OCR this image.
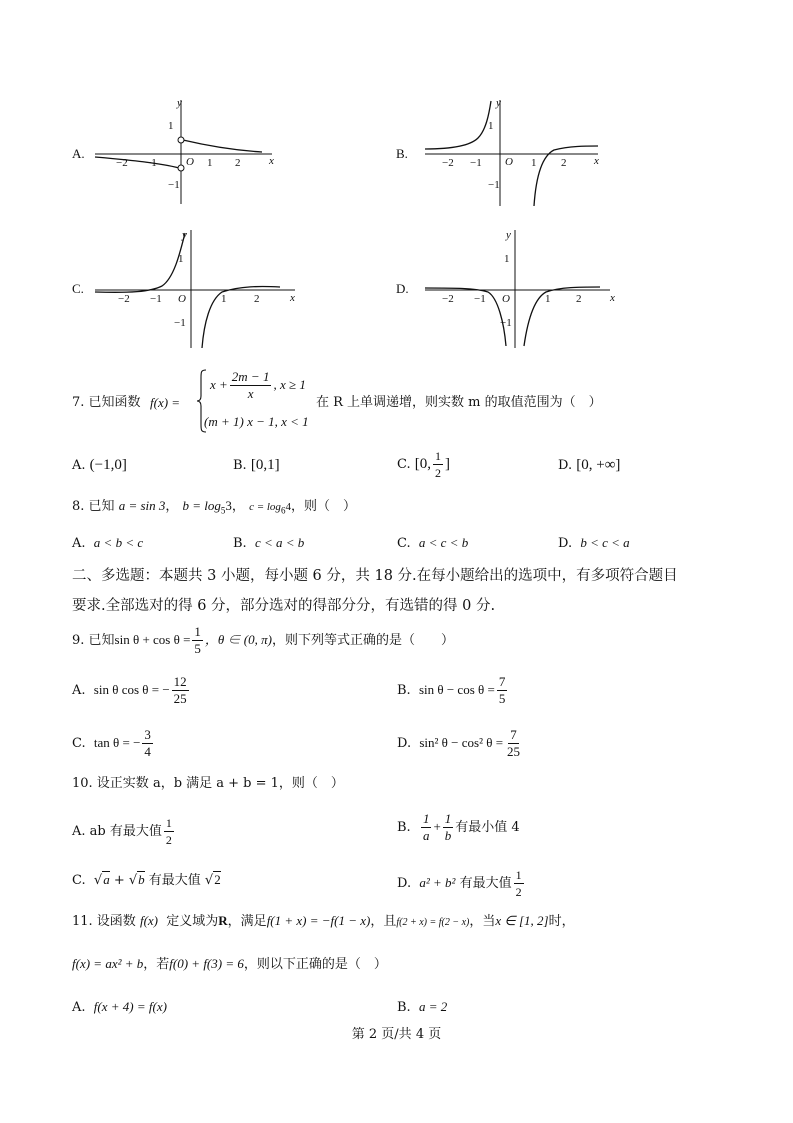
A.
y
x
1
−1
−2 −1	O 1 2
B.
y
x
1
−1
−2 −1 O 1 2
C.
y
x
1
−1
−2 −1 O	1	2
D.
y
x
1
−1
−2 −1 O	1 2
7. 已知函数 f(x) =
$x + \frac{2m - 1}{x}$ , x ≥ 1
(m + 1) x − 1, x < 1
在 R 上单调递增，则实数 m 的取值范围为（　）
A. (−1,0]	B. [0,1]	C. [0, $\frac{1}{2}$ ]	D. [0, +∞]
8. 已知 a = sin 3， $b = \log_53$， $c = \log_64$，则（　）
A. a < b < c	B. c < a < b	C. a < c < b	D. b < c < a
二、多选题：本题共 3 小题，每小题 6 分，共 18 分.在每小题给出的选项中，有多项符合题目
要求.全部选对的得 6 分，部分选对的得部分分，有选错的得 0 分.
9. 已知$\sin \theta + \cos \theta = \frac{1}{5}$ ，θ ∈ (0, π)，则下列等式正确的是（　　）
A. sin θ cos θ = − $\frac{12}{25}$	B. $\sin \theta - \cos \theta = \frac{7}{5}$
C. tan θ = − $\frac{3}{4}$	D. sin² θ − cos² $\theta = \frac{7}{25}$
10. 设正实数 a，b 满足 a + b = 1，则（　）
A. ab 有最大值 $\frac{1}{2}$	B. $\frac{1}{a} + \frac{1}{b}$ 有最小值 4
C.  √a + √b 有最大值 √2	D. a² + b² 有最大值 $\frac{1}{2}$
11. 设函数 f(x) 定义域为R，满足f(1 + x) = −f(1 − x)，且f(2 + x) = f(2 − x)，当x ∈ [1, 2]时，
f(x) = ax² + b，若f(0) + f(3) = 6，则以下正确的是（　）
A. f(x + 4) = f(x)	B. a = 2
第 2 页/共 4 页
